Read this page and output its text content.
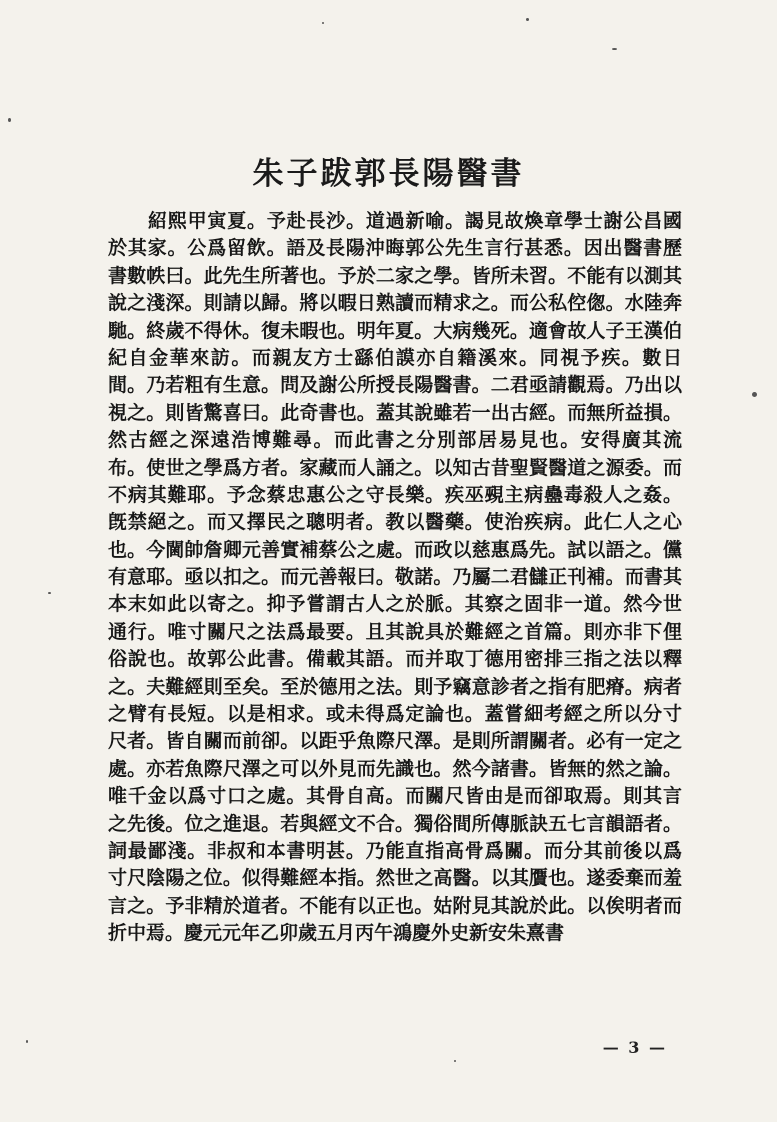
朱子跋郭長陽醫書
紹熙甲寅夏。予赴長沙。道過新喻。謁見故煥章學士謝公昌國
於其家。公爲留飲。語及長陽沖晦郭公先生言行甚悉。因出醫書歷
書數帙曰。此先生所著也。予於二家之學。皆所未習。不能有以測其
說之淺深。則請以歸。將以暇日熟讀而精求之。而公私倥偬。水陸奔
馳。終歲不得休。復未暇也。明年夏。大病幾死。適會故人子王漢伯
紀自金華來訪。而親友方士繇伯謨亦自籍溪來。同視予疾。數日
間。乃若粗有生意。問及謝公所授長陽醫書。二君亟請觀焉。乃出以
視之。則皆驚喜曰。此奇書也。蓋其說雖若一出古經。而無所益損。
然古經之深遠浩博難尋。而此書之分別部居易見也。安得廣其流
布。使世之學爲方者。家藏而人誦之。以知古昔聖賢醫道之源委。而
不病其難耶。予念蔡忠惠公之守長樂。疾巫覡主病蠱毒殺人之姦。
旣禁絕之。而又擇民之聰明者。教以醫藥。使治疾病。此仁人之心
也。今閫帥詹卿元善實補蔡公之處。而政以慈惠爲先。試以語之。儻
有意耶。亟以扣之。而元善報曰。敬諾。乃屬二君讎正刊補。而書其
本末如此以寄之。抑予嘗謂古人之於脈。其察之固非一道。然今世
通行。唯寸關尺之法爲最要。且其說具於難經之首篇。則亦非下俚
俗說也。故郭公此書。備載其語。而并取丁德用密排三指之法以釋
之。夫難經則至矣。至於德用之法。則予竊意診者之指有肥瘠。病者
之臂有長短。以是相求。或未得爲定論也。蓋嘗細考經之所以分寸
尺者。皆自關而前卻。以距乎魚際尺澤。是則所謂關者。必有一定之
處。亦若魚際尺澤之可以外見而先識也。然今諸書。皆無的然之論。
唯千金以爲寸口之處。其骨自高。而關尺皆由是而卻取焉。則其言
之先後。位之進退。若與經文不合。獨俗間所傳脈訣五七言韻語者。
詞最鄙淺。非叔和本書明甚。乃能直指高骨爲關。而分其前後以爲
寸尺陰陽之位。似得難經本指。然世之高醫。以其贋也。遂委棄而羞
言之。予非精於道者。不能有以正也。姑附見其說於此。以俟明者而
折中焉。慶元元年乙卯歲五月丙午鴻慶外史新安朱熹書
— 3 —
